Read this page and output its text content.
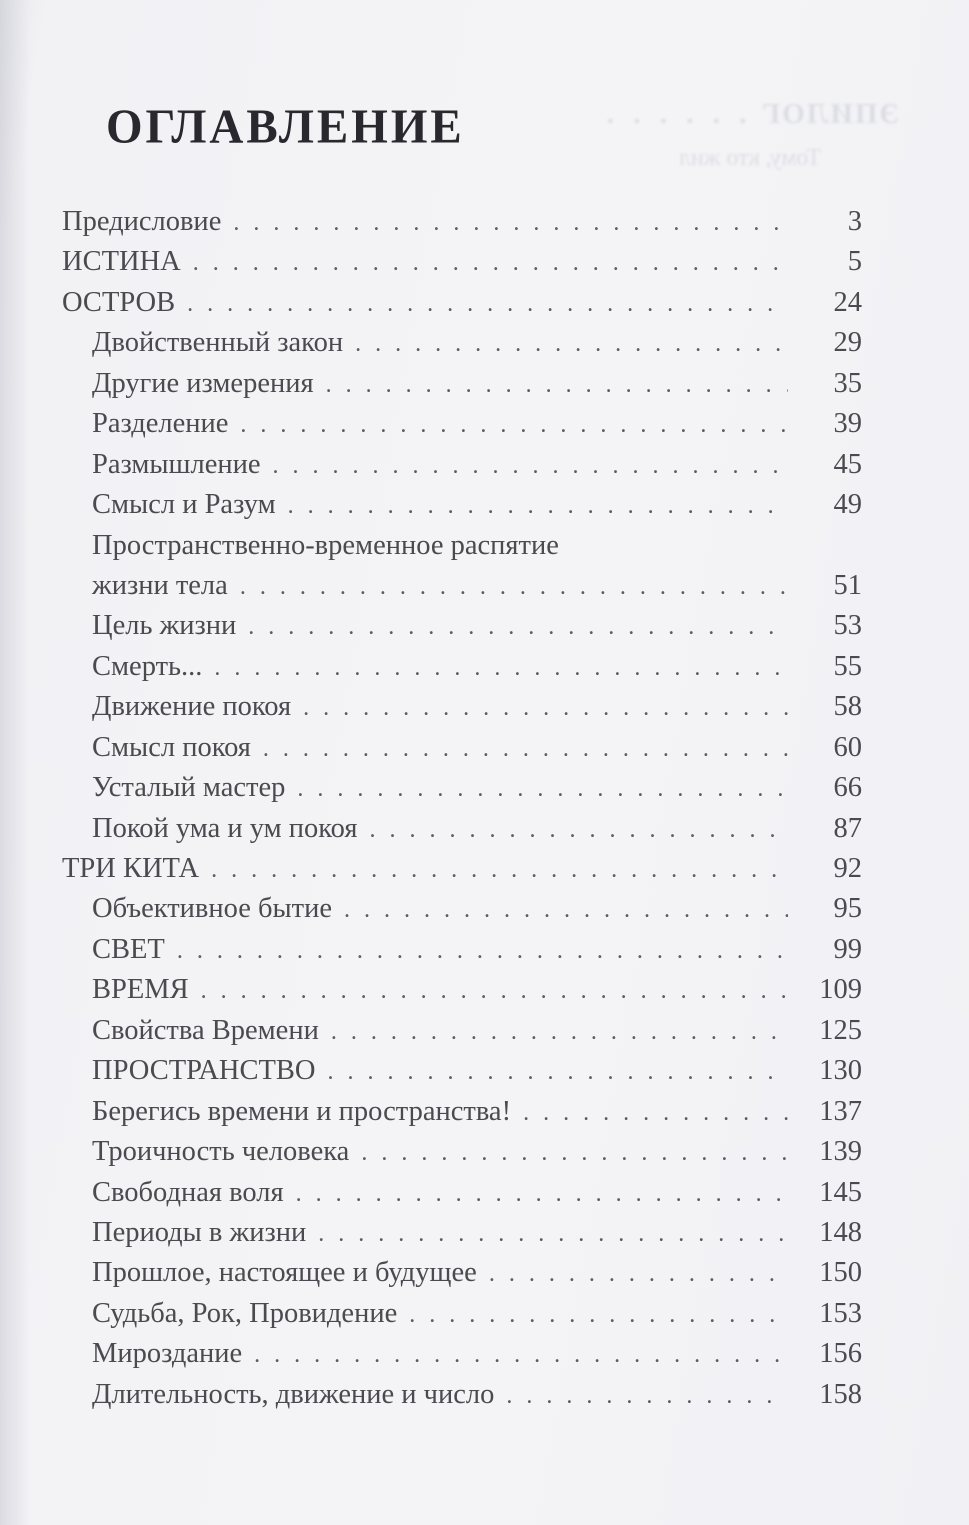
ЭПИЛОГ . . . . . .
Тому, кто жил
ОГЛАВЛЕНИЕ
Предисловие . . .	3
ИСТИНА . . .	5
ОСТРОВ . . .	24
Двойственный закон . . .	29
Другие измерения . . .	35
Разделение . . .	39
Размышление . . .	45
Смысл и Разум . . .	49
Пространственно-временное распятие
жизни тела . . .	51
Цель жизни . . .	53
Смерть... . . .	55
Движение покоя . . .	58
Смысл покоя . . .	60
Усталый мастер . . .	66
Покой ума и ум покоя . . .	87
ТРИ КИТА . . .	92
Объективное бытие . . .	95
СВЕТ . . .	99
ВРЕМЯ . . .	109
Свойства Времени . . .	125
ПРОСТРАНСТВО . . .	130
Берегись времени и пространства! . . .	137
Троичность человека . . .	139
Свободная воля . . .	145
Периоды в жизни . . .	148
Прошлое, настоящее и будущее . . .	150
Судьба, Рок, Провидение . . .	153
Мироздание . . .	156
Длительность, движение и число . . .	158
